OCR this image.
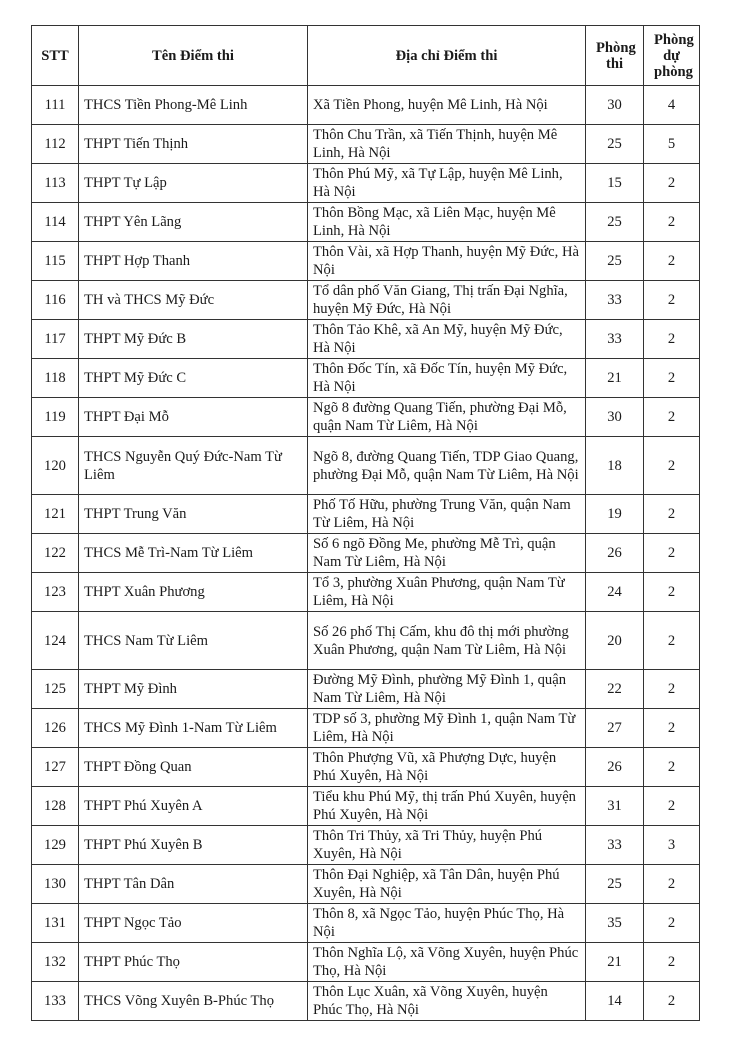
STT	Tên Điểm thi	Địa chỉ Điểm thi	Phòng thi	Phòng dự phòng
111	THCS Tiền Phong-Mê Linh	Xã Tiền Phong, huyện Mê Linh, Hà Nội	30	4
112	THPT Tiến Thịnh	Thôn Chu Trần, xã Tiến Thịnh, huyện Mê Linh, Hà Nội	25	5
113	THPT Tự Lập	Thôn Phú Mỹ, xã Tự Lập, huyện Mê Linh, Hà Nội	15	2
114	THPT Yên Lãng	Thôn Bồng Mạc, xã Liên Mạc, huyện Mê Linh, Hà Nội	25	2
115	THPT Hợp Thanh	Thôn Vài, xã Hợp Thanh, huyện Mỹ Đức, Hà Nội	25	2
116	TH và THCS Mỹ Đức	Tổ dân phố Văn Giang, Thị trấn Đại Nghĩa, huyện Mỹ Đức, Hà Nội	33	2
117	THPT Mỹ Đức B	Thôn Tảo Khê, xã An Mỹ, huyện Mỹ Đức, Hà Nội	33	2
118	THPT Mỹ Đức C	Thôn Đốc Tín, xã Đốc Tín, huyện Mỹ Đức, Hà Nội	21	2
119	THPT Đại Mỗ	Ngõ 8 đường Quang Tiến, phường Đại Mỗ, quận Nam Từ Liêm, Hà Nội	30	2
120	THCS Nguyễn Quý Đức-Nam Từ Liêm	Ngõ 8, đường Quang Tiến, TDP Giao Quang, phường Đại Mỗ, quận Nam Từ Liêm, Hà Nội	18	2
121	THPT Trung Văn	Phố Tố Hữu, phường Trung Văn, quận Nam Từ Liêm, Hà Nội	19	2
122	THCS Mễ Trì-Nam Từ Liêm	Số 6 ngõ Đồng Me, phường Mễ Trì, quận Nam Từ Liêm, Hà Nội	26	2
123	THPT Xuân Phương	Tổ 3, phường Xuân Phương, quận Nam Từ Liêm, Hà Nội	24	2
124	THCS Nam Từ Liêm	Số 26 phố Thị Cấm, khu đô thị mới phường Xuân Phương, quận Nam Từ Liêm, Hà Nội	20	2
125	THPT Mỹ Đình	Đường Mỹ Đình, phường Mỹ Đình 1, quận Nam Từ Liêm, Hà Nội	22	2
126	THCS Mỹ Đình 1-Nam Từ Liêm	TDP số 3, phường Mỹ Đình 1, quận Nam Từ Liêm, Hà Nội	27	2
127	THPT Đồng Quan	Thôn Phượng Vũ, xã Phượng Dực, huyện Phú Xuyên, Hà Nội	26	2
128	THPT Phú Xuyên A	Tiểu khu Phú Mỹ, thị trấn Phú Xuyên, huyện Phú Xuyên, Hà Nội	31	2
129	THPT Phú Xuyên B	Thôn Tri Thủy, xã Tri Thủy, huyện Phú Xuyên, Hà Nội	33	3
130	THPT Tân Dân	Thôn Đại Nghiệp, xã Tân Dân, huyện Phú Xuyên, Hà Nội	25	2
131	THPT Ngọc Tảo	Thôn 8, xã Ngọc Tảo, huyện Phúc Thọ, Hà Nội	35	2
132	THPT Phúc Thọ	Thôn Nghĩa Lộ, xã Võng Xuyên, huyện Phúc Thọ, Hà Nội	21	2
133	THCS Võng Xuyên B-Phúc Thọ	Thôn Lục Xuân, xã Võng Xuyên, huyện Phúc Thọ, Hà Nội	14	2
